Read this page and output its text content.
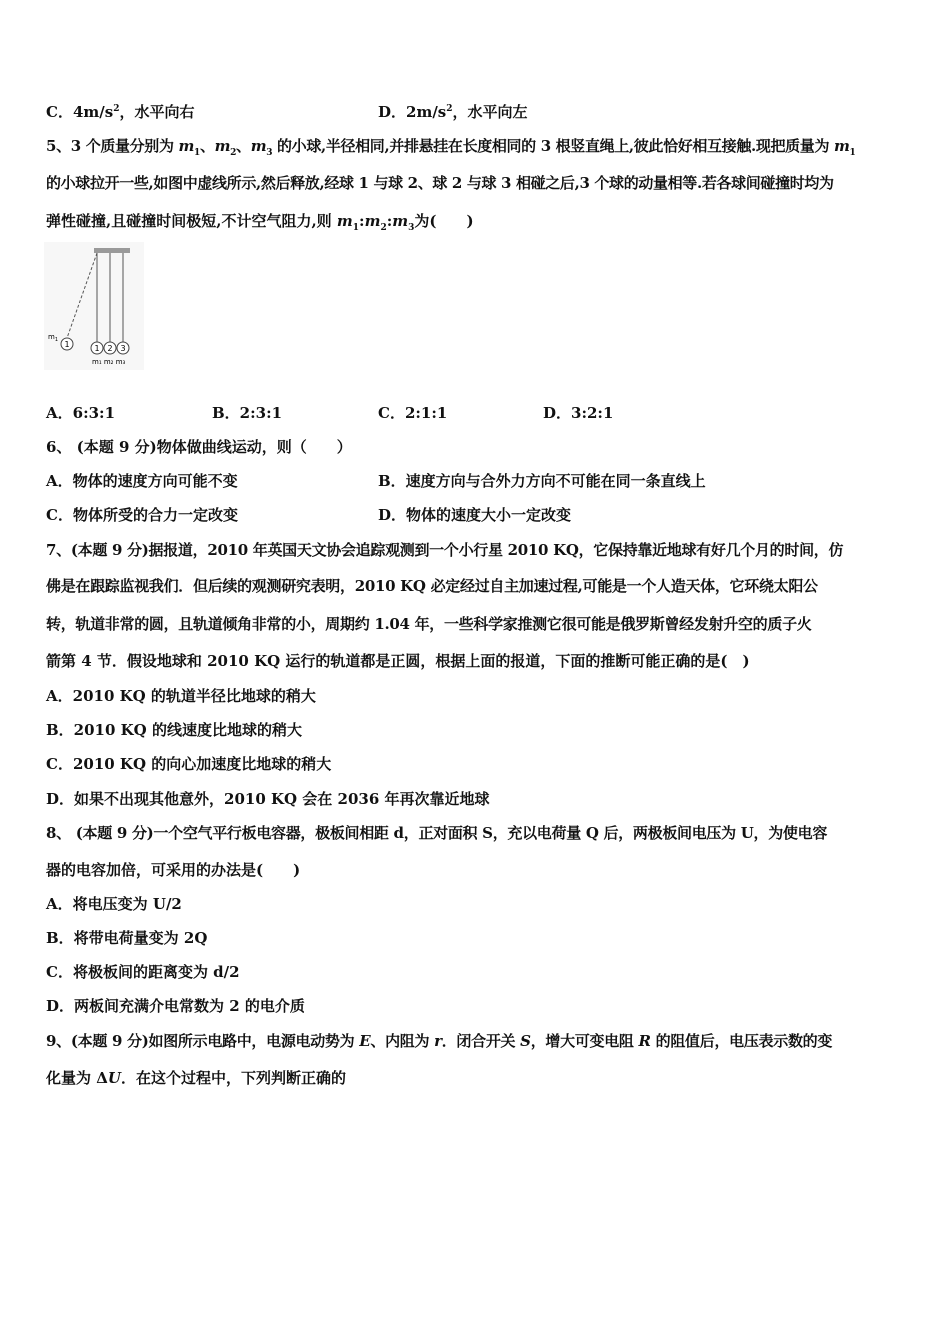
C．$4m/s^2$，水平向右	D．$2m/s^2$，水平向左
5、3 个质量分别为 $m_1$、$m_2$、$m_3$ 的小球,半径相同,并排悬挂在长度相同的 3 根竖直绳上,彼此恰好相互接触.现把质量为 $m_1$
的小球拉开一些,如图中虚线所示,然后释放,经球 1 与球 2、球 2 与球 3 相碰之后,3 个球的动量相等.若各球间碰撞时均为
弹性碰撞,且碰撞时间极短,不计空气阻力,则 $m_1:m_2:m_3$为(　　)
1
$m_1$
1 2 3
m₁ m₂ m₃
A．6:3:1	B．2:3:1	C．2:1:1	D．3:2:1
6、 (本题 9 分)物体做曲线运动，则（　　）
A．物体的速度方向可能不变	B．速度方向与合外力方向不可能在同一条直线上
C．物体所受的合力一定改变	D．物体的速度大小一定改变
7、(本题 9 分)据报道，2010 年英国天文协会追踪观测到一个小行星 2010 KQ，它保持靠近地球有好几个月的时间，仿
佛是在跟踪监视我们．但后续的观测研究表明，2010 KQ 必定经过自主加速过程,可能是一个人造天体，它环绕太阳公
转，轨道非常的圆，且轨道倾角非常的小，周期约 1.04 年，一些科学家推测它很可能是俄罗斯曾经发射升空的质子火
箭第 4 节．假设地球和 2010 KQ 运行的轨道都是正圆，根据上面的报道，下面的推断可能正确的是(　)
A．2010 KQ 的轨道半径比地球的稍大
B．2010 KQ 的线速度比地球的稍大
C．2010 KQ 的向心加速度比地球的稍大
D．如果不出现其他意外，2010 KQ 会在 2036 年再次靠近地球
8、 (本题 9 分)一个空气平行板电容器，极板间相距 d，正对面积 S，充以电荷量 Q 后，两极板间电压为 U，为使电容
器的电容加倍，可采用的办法是(　　)
A．将电压变为 U/2
B．将带电荷量变为 2Q
C．将极板间的距离变为 d/2
D．两板间充满介电常数为 2 的电介质
9、(本题 9 分)如图所示电路中，电源电动势为 E、内阻为 r．闭合开关 S，增大可变电阻 R 的阻值后，电压表示数的变
化量为 ΔU．在这个过程中，下列判断正确的
